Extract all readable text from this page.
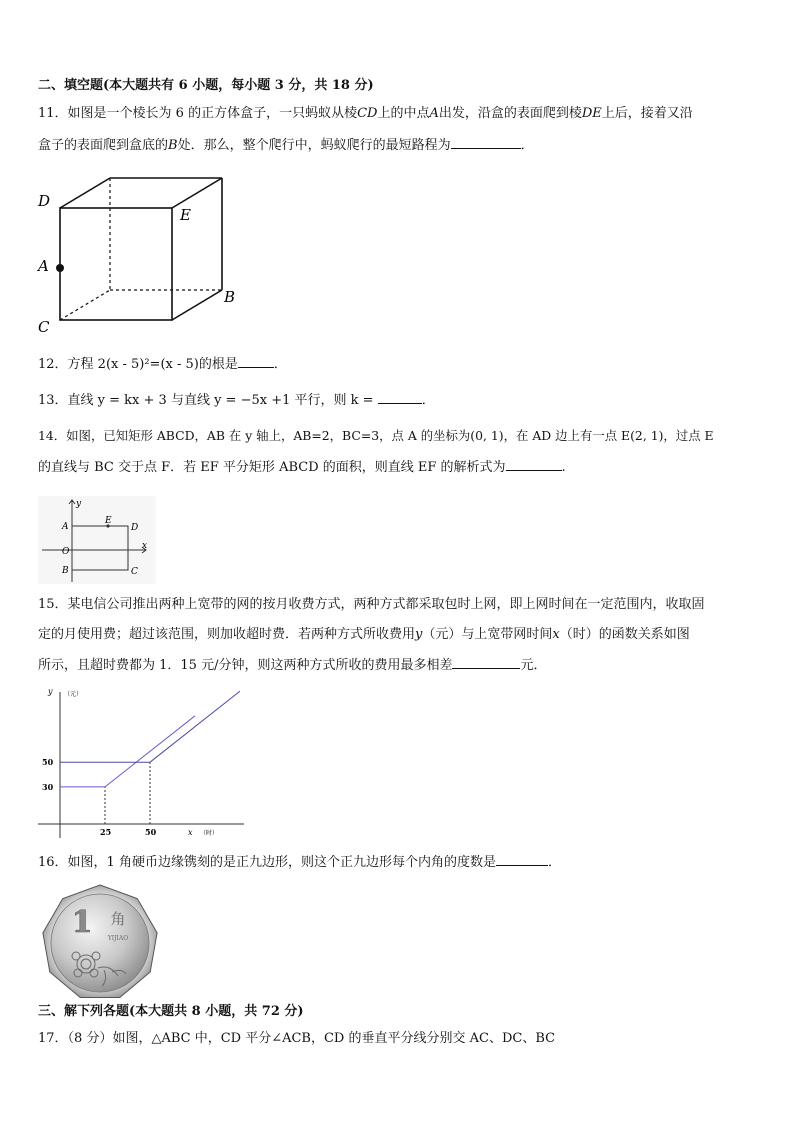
二、填空题(本大题共有 6 小题，每小题 3 分，共 18 分)
11．如图是一个棱长为 6 的正方体盒子，一只蚂蚁从棱CD上的中点A出发，沿盒的表面爬到棱DE上后，接着又沿
盒子的表面爬到盒底的B处．那么，整个爬行中，蚂蚁爬行的最短路程为	．
D
E
A
B
C
12．方程 2(x - 5)²=(x - 5)的根是	．
13．直线 y = kx + 3 与直线 y = −5x +1 平行，则 k =	．
14．如图，已知矩形 ABCD，AB 在 y 轴上，AB=2，BC=3，点 A 的坐标为(0, 1)，在 AD 边上有一点 E(2, 1)，过点 E
的直线与 BC 交于点 F．若 EF 平分矩形 ABCD 的面积，则直线 EF 的解析式为	.
y
x
A
E
D
O
B	C
15．某电信公司推出两种上宽带的网的按月收费方式，两种方式都采取包时上网，即上网时间在一定范围内，收取固
定的月使用费；超过该范围，则加收超时费．若两种方式所收费用y（元）与上宽带网时间x（时）的函数关系如图
所示，且超时费都为 1．15 元/分钟，则这两种方式所收的费用最多相差	元．
y （元）
x （时）
30
50
25	50
16．如图，1 角硬币边缘镌刻的是正九边形，则这个正九边形每个内角的度数是	．
1 角
YIJIAO
三、解下列各题(本大题共 8 小题，共 72 分)
17．（8 分）如图，△ABC 中，CD 平分∠ACB，CD 的垂直平分线分别交 AC、DC、BC
